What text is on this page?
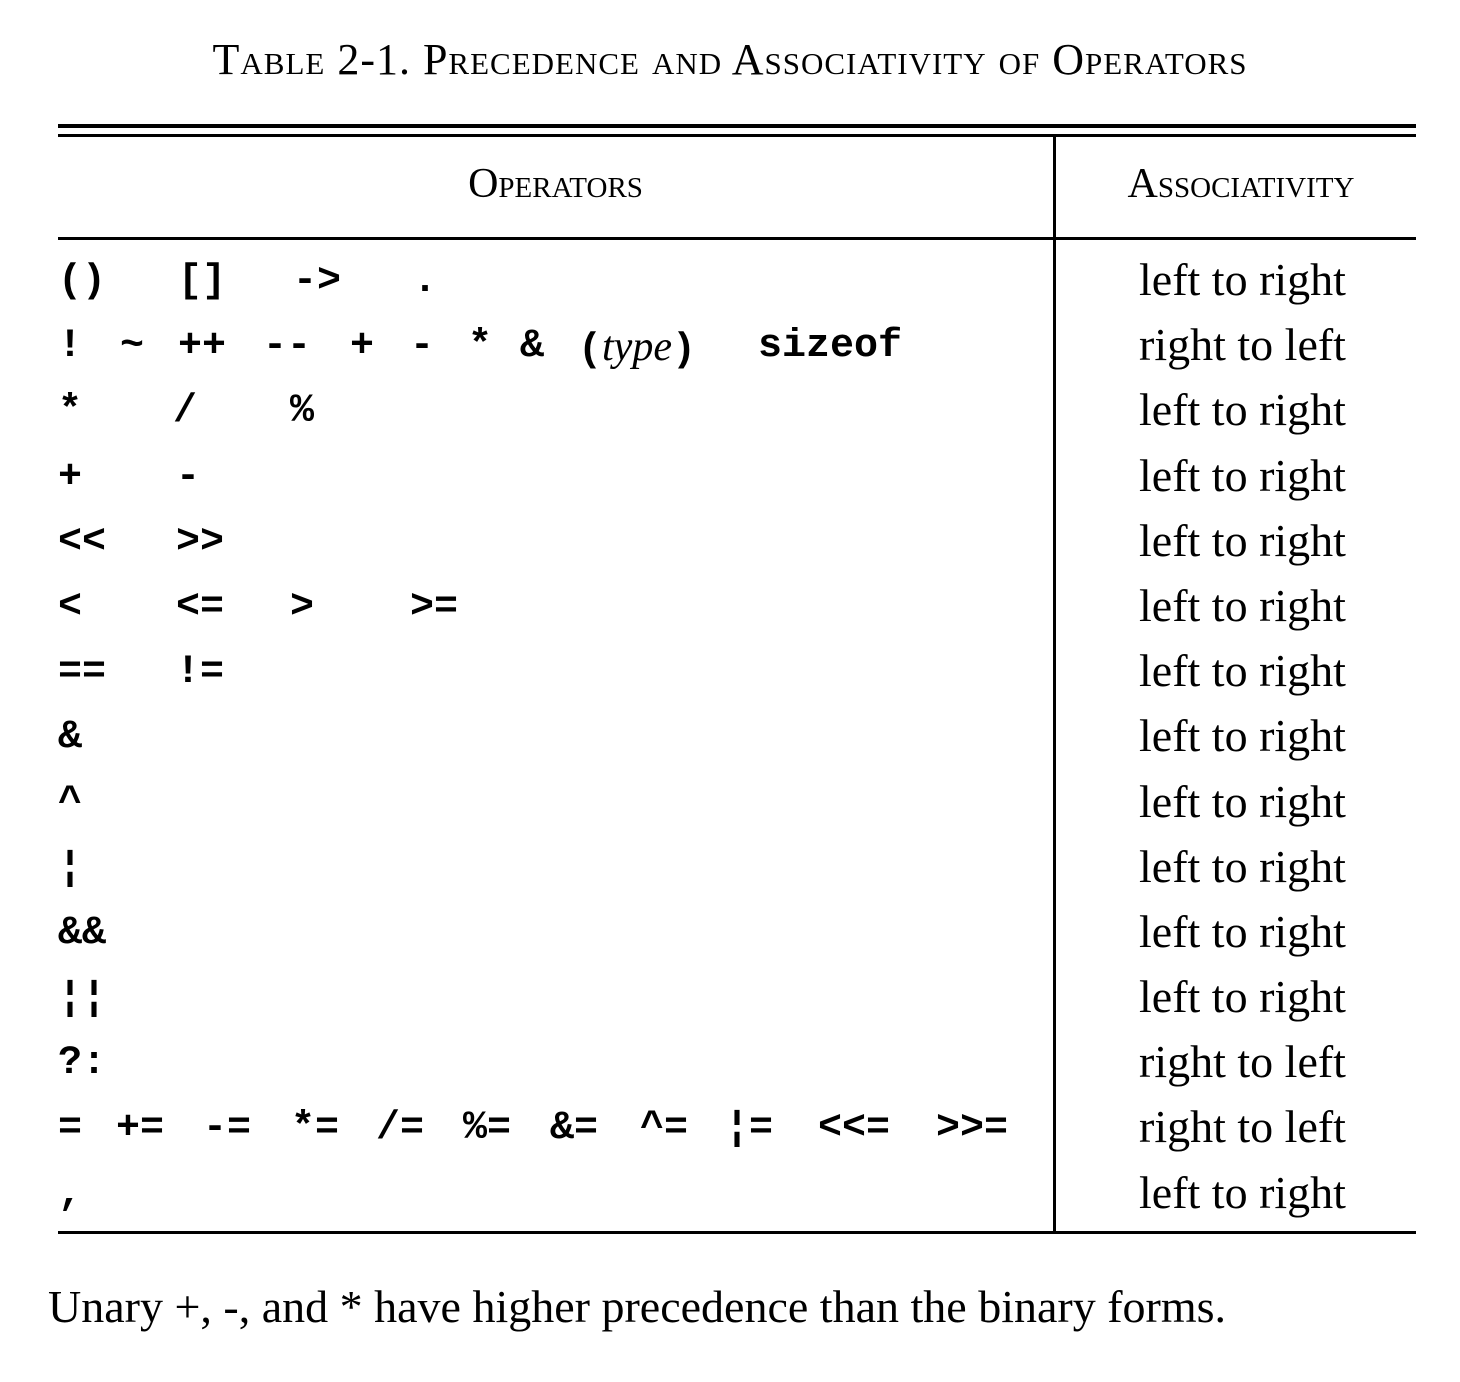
Table 2-1. Precedence and Associativity of Operators
Operators	Associativity
() [] -> .	left to right
! ~ ++ -- + - * & (type) sizeof	right to left
* / %	left to right
+ -	left to right
<< >>	left to right
< <= > >=	left to right
== !=	left to right
&	left to right
^	left to right
¦	left to right
&&	left to right
¦¦	left to right
?:	right to left
= += -= *= /= %= &= ^= ¦= <<= >>=	right to left
,	left to right
Unary +, -, and * have higher precedence than the binary forms.
